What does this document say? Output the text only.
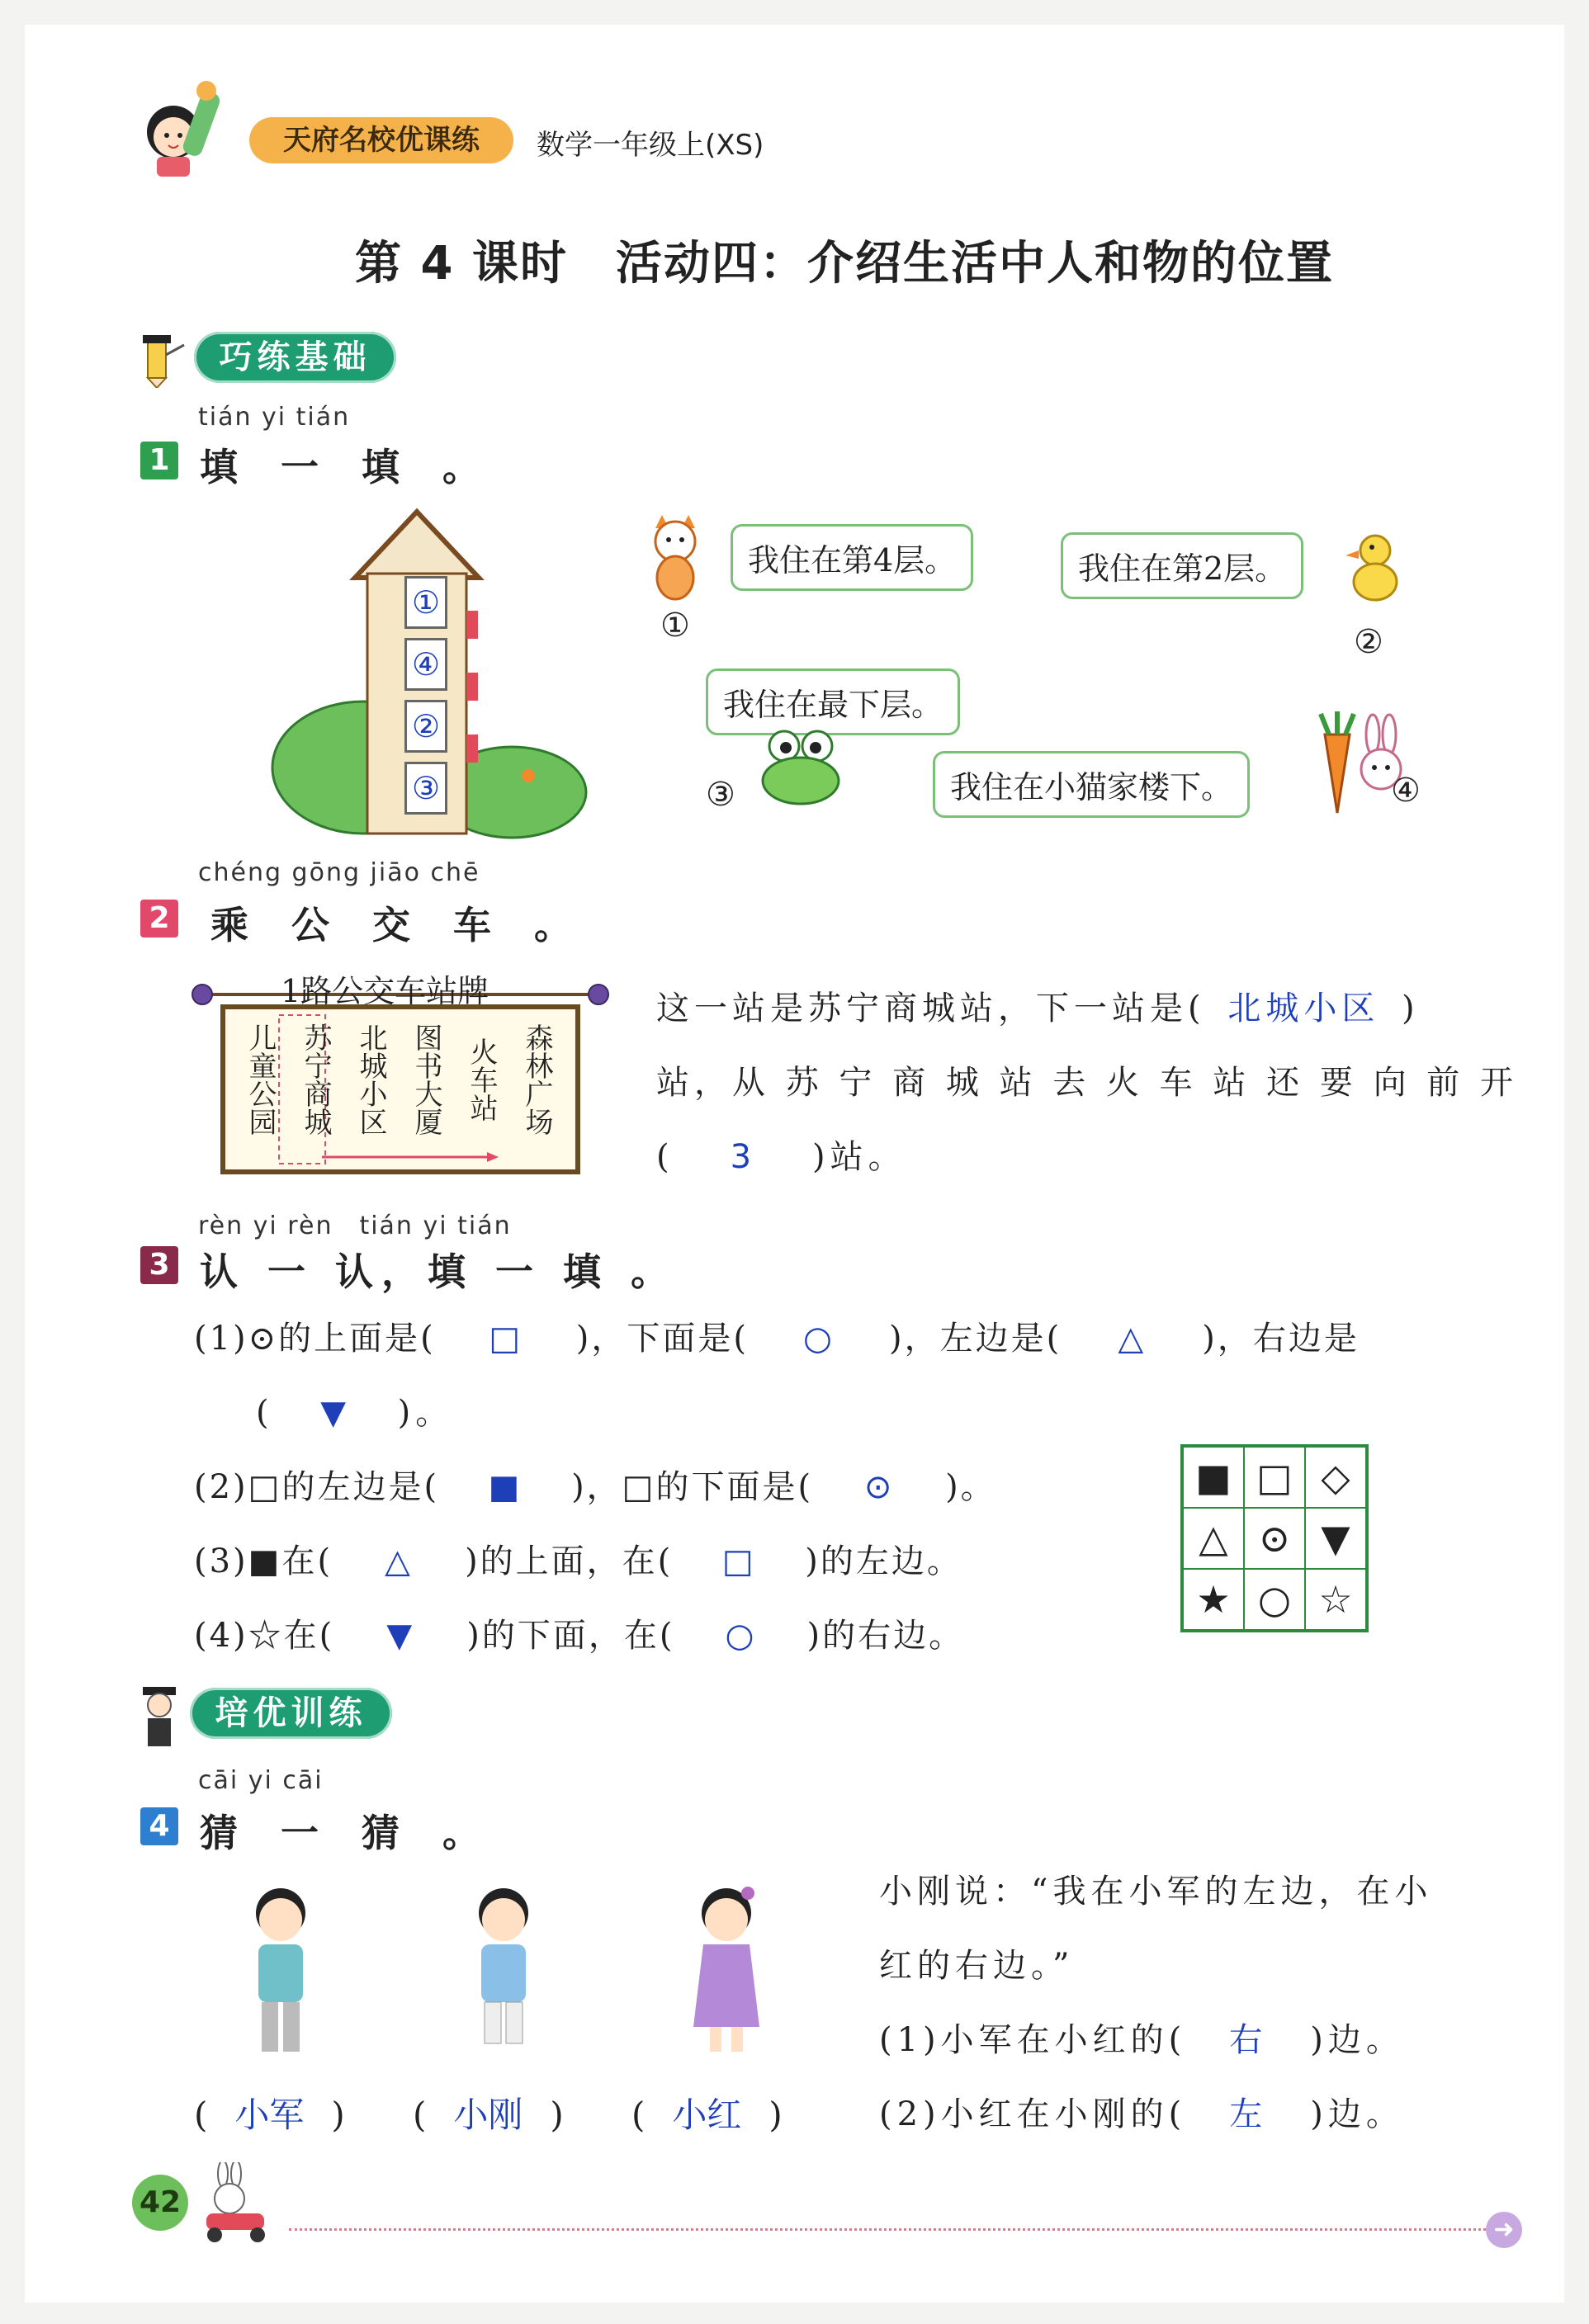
天府名校优课练	数学一年级上(XS)
第 4 课时　活动四：介绍生活中人和物的位置
巧练基础
tián yi tián
1 填 一 填 。
①
④
②
③
我住在第4层。
①
我住在第2层。
②
我住在最下层。
③	我住在小猫家楼下。	④
chéng gōng jiāo chē
2 乘 公 交 车 。
1路公交车站牌
儿童公园 苏宁商城 北城小区 图书大厦 火车站 森林广场
这一站是苏宁商城站，下一站是( 北城小区 )
站，从 苏 宁 商 城 站 去 火 车 站 还 要 向 前 开
( 3 )站。
rèn yi rèn　tián yi tián
3 认 一 认，填 一 填 。
(1)⊙的上面是( □ )，下面是( ○ )，左边是( △ )，右边是
( ▼ )。
(2)□的左边是( ■ )，□的下面是( ⊙ )。
(3)■在( △ )的上面，在( □ )的左边。
(4)☆在( ▼ )的下面，在( ○ )的右边。
■ □ ◇
△ ⊙ ▼
★ ○ ☆
培优训练
cāi yi cāi
4 猜 一 猜 。
( 小军 ) ( 小刚 ) ( 小红 )
小刚说：“我在小军的左边，在小
红的右边。”
(1)小军在小红的( 右 )边。
(2)小红在小刚的( 左 )边。
42
➜
